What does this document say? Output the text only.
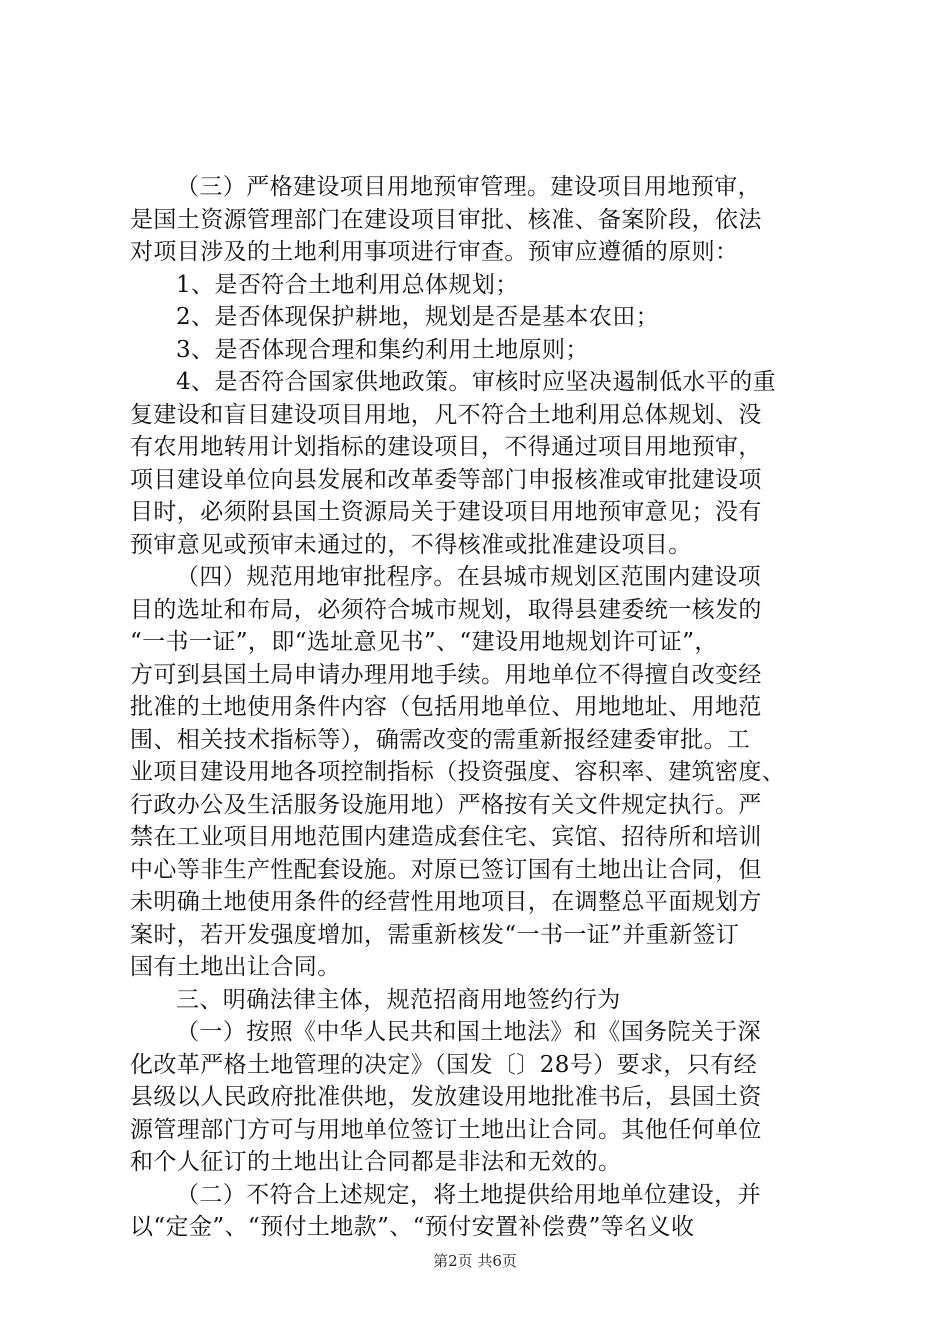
（三）严格建设项目用地预审管理。建设项目用地预审，
是国土资源管理部门在建设项目审批、核准、备案阶段，依法
对项目涉及的土地利用事项进行审查。预审应遵循的原则：
1、是否符合土地利用总体规划；
2、是否体现保护耕地，规划是否是基本农田；
3、是否体现合理和集约利用土地原则；
4、是否符合国家供地政策。审核时应坚决遏制低水平的重
复建设和盲目建设项目用地，凡不符合土地利用总体规划、没
有农用地转用计划指标的建设项目，不得通过项目用地预审，
项目建设单位向县发展和改革委等部门申报核准或审批建设项
目时，必须附县国土资源局关于建设项目用地预审意见；没有
预审意见或预审未通过的，不得核准或批准建设项目。
（四）规范用地审批程序。在县城市规划区范围内建设项
目的选址和布局，必须符合城市规划，取得县建委统一核发的
“一书一证”，即“选址意见书”、“建设用地规划许可证”，
方可到县国土局申请办理用地手续。用地单位不得擅自改变经
批准的土地使用条件内容（包括用地单位、用地地址、用地范
围、相关技术指标等），确需改变的需重新报经建委审批。工
业项目建设用地各项控制指标（投资强度、容积率、建筑密度、
行政办公及生活服务设施用地）严格按有关文件规定执行。严
禁在工业项目用地范围内建造成套住宅、宾馆、招待所和培训
中心等非生产性配套设施。对原已签订国有土地出让合同，但
未明确土地使用条件的经营性用地项目，在调整总平面规划方
案时，若开发强度增加，需重新核发“一书一证”并重新签订
国有土地出让合同。
三、明确法律主体，规范招商用地签约行为
（一）按照《中华人民共和国土地法》和《国务院关于深
化改革严格土地管理的决定》（国发〔〕28号）要求，只有经
县级以人民政府批准供地，发放建设用地批准书后，县国土资
源管理部门方可与用地单位签订土地出让合同。其他任何单位
和个人征订的土地出让合同都是非法和无效的。
（二）不符合上述规定，将土地提供给用地单位建设，并
以“定金”、“预付土地款”、“预付安置补偿费”等名义收
第2页 共6页
